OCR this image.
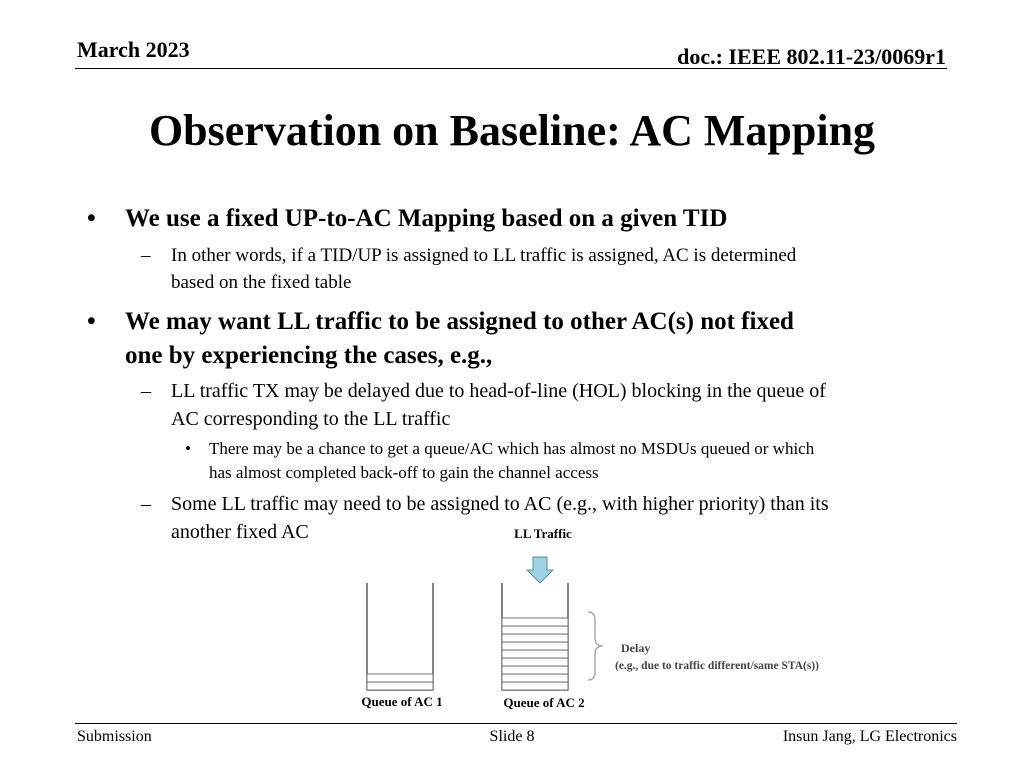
March 2023	doc.: IEEE 802.11-23/0069r1
Observation on Baseline: AC Mapping
• We use a fixed UP-to-AC Mapping based on a given TID
– In other words, if a TID/UP is assigned to LL traffic is assigned, AC is determined
based on the fixed table
• We may want LL traffic to be assigned to other AC(s) not fixed
one by experiencing the cases, e.g.,
– LL traffic TX may be delayed due to head-of-line (HOL) blocking in the queue of
AC corresponding to the LL traffic
• There may be a chance to get a queue/AC which has almost no MSDUs queued or which
has almost completed back-off to gain the channel access
– Some LL traffic may need to be assigned to AC (e.g., with higher priority) than its
another fixed AC	LL Traffic
Delay
(e.g., due to traffic different/same STA(s))
Queue of AC 1	Queue of AC 2
Submission	Slide 8	Insun Jang, LG Electronics
